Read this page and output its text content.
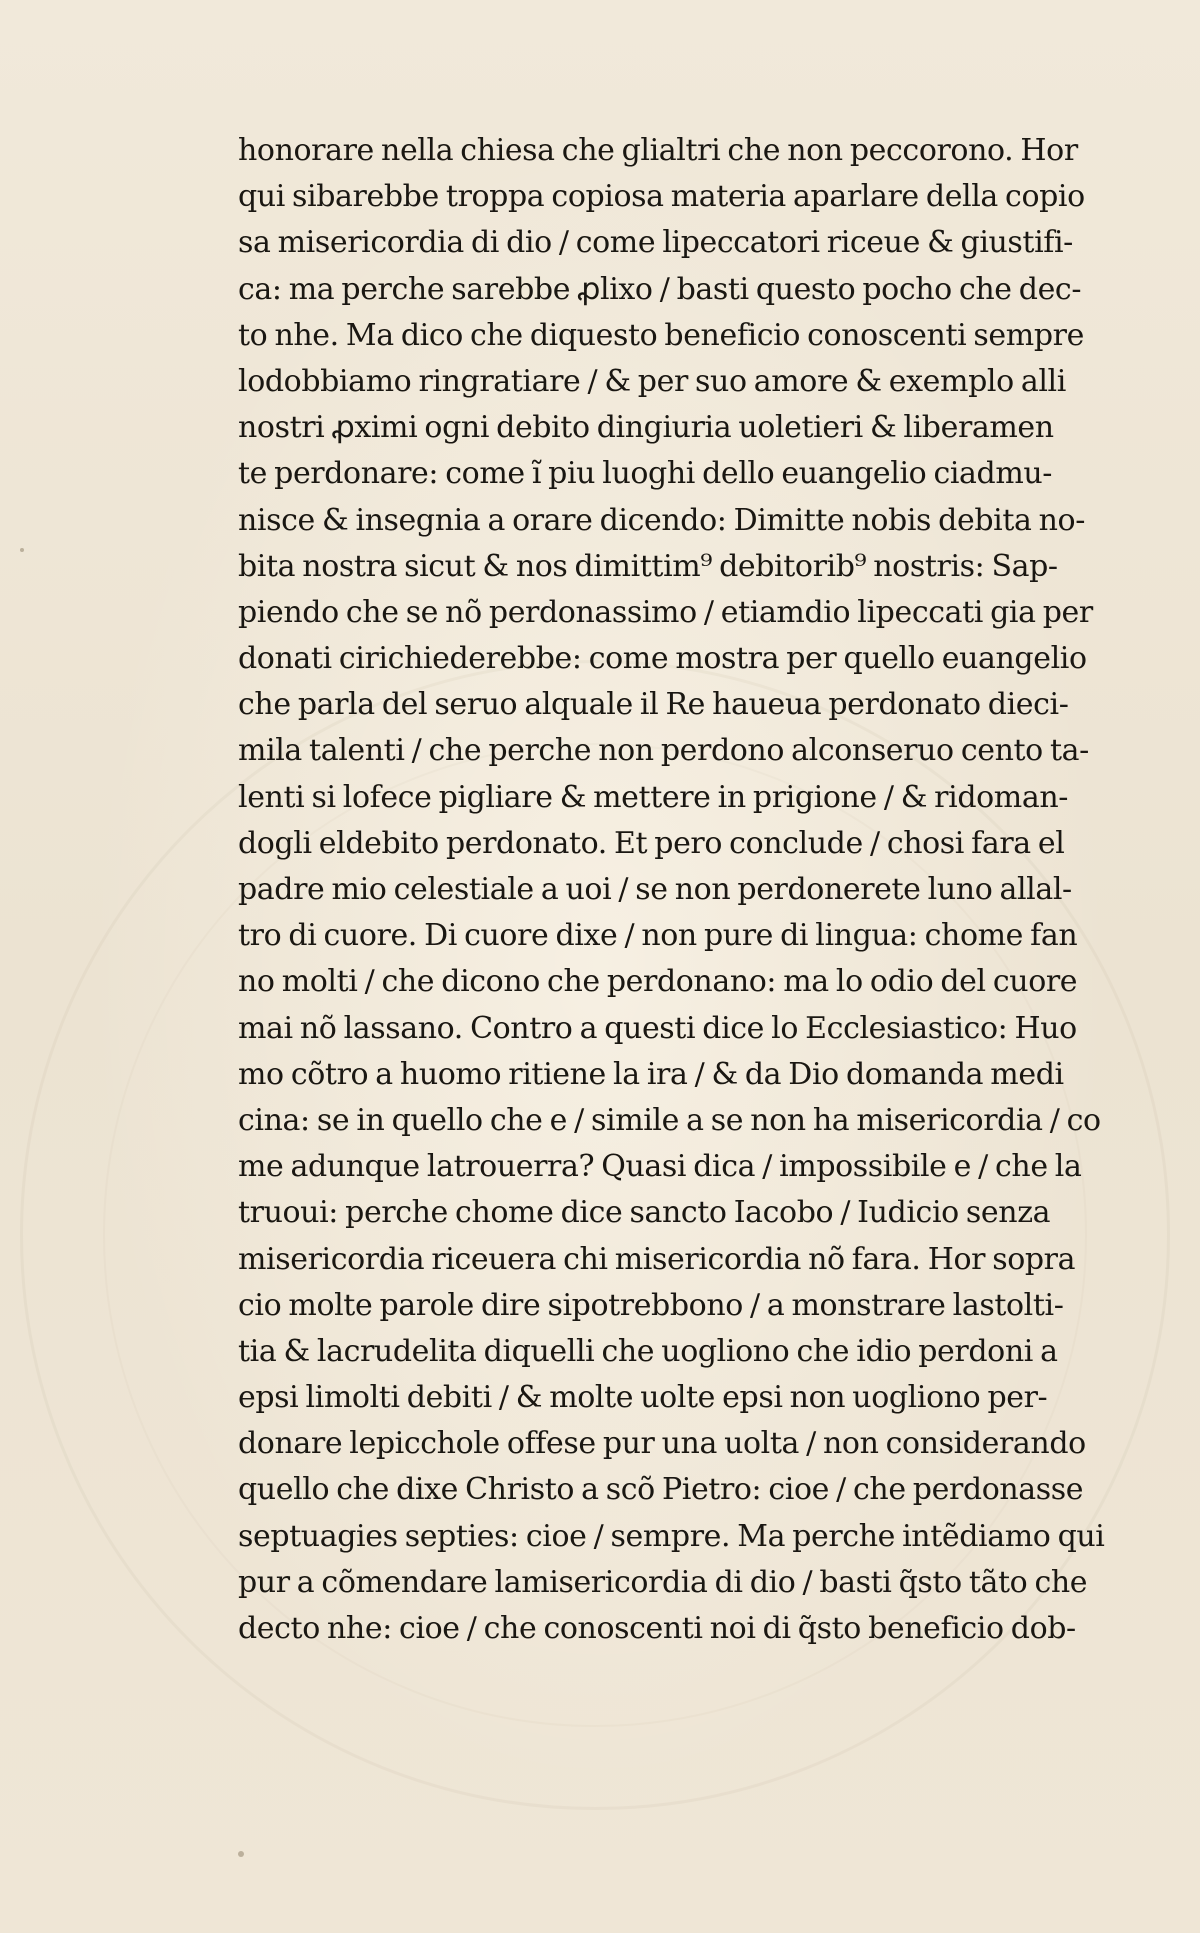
honorare nella chiesa che glialtri che non peccorono. Hor
qui sibarebbe troppa copiosa materia aparlare della copio
sa misericordia di dio / come lipeccatori riceue & giustifi-
ca: ma perche sarebbe ꝓlixo / basti questo pocho che dec-
to nhe. Ma dico che diquesto beneficio conoscenti sempre
lodobbiamo ringratiare / & per suo amore & exemplo alli
nostri ꝓximi ogni debito dingiuria uoletieri & liberamen
te perdonare: come ĩ piu luoghi dello euangelio ciadmu-
nisce & insegnia a orare dicendo: Dimitte nobis debita no-
bita nostra sicut & nos dimittim⁹ debitorib⁹ nostris: Sap-
piendo che se nõ perdonassimo / etiamdio lipeccati gia per
donati cirichiederebbe: come mostra per quello euangelio
che parla del seruo alquale il Re haueua perdonato dieci-
mila talenti / che perche non perdono alconseruo cento ta-
lenti si lofece pigliare & mettere in prigione / & ridoman-
dogli eldebito perdonato. Et pero conclude / chosi fara el
padre mio celestiale a uoi / se non perdonerete luno allal-
tro di cuore. Di cuore dixe / non pure di lingua: chome fan
no molti / che dicono che perdonano: ma lo odio del cuore
mai nõ lassano. Contro a questi dice lo Ecclesiastico: Huo
mo cõtro a huomo ritiene la ira / & da Dio domanda medi
cina: se in quello che e / simile a se non ha misericordia / co
me adunque latrouerra? Quasi dica / impossibile e / che la
truoui: perche chome dice sancto Iacobo / Iudicio senza
misericordia riceuera chi misericordia nõ fara. Hor sopra
cio molte parole dire sipotrebbono / a monstrare lastolti-
tia & lacrudelita diquelli che uogliono che idio perdoni a
epsi limolti debiti / & molte uolte epsi non uogliono per-
donare lepicchole offese pur una uolta / non considerando
quello che dixe Christo a scõ Pietro: cioe / che perdonasse
septuagies septies: cioe / sempre. Ma perche intẽdiamo qui
pur a cõmendare lamisericordia di dio / basti q̃sto tãto che
decto nhe: cioe / che conoscenti noi di q̃sto beneficio dob-
